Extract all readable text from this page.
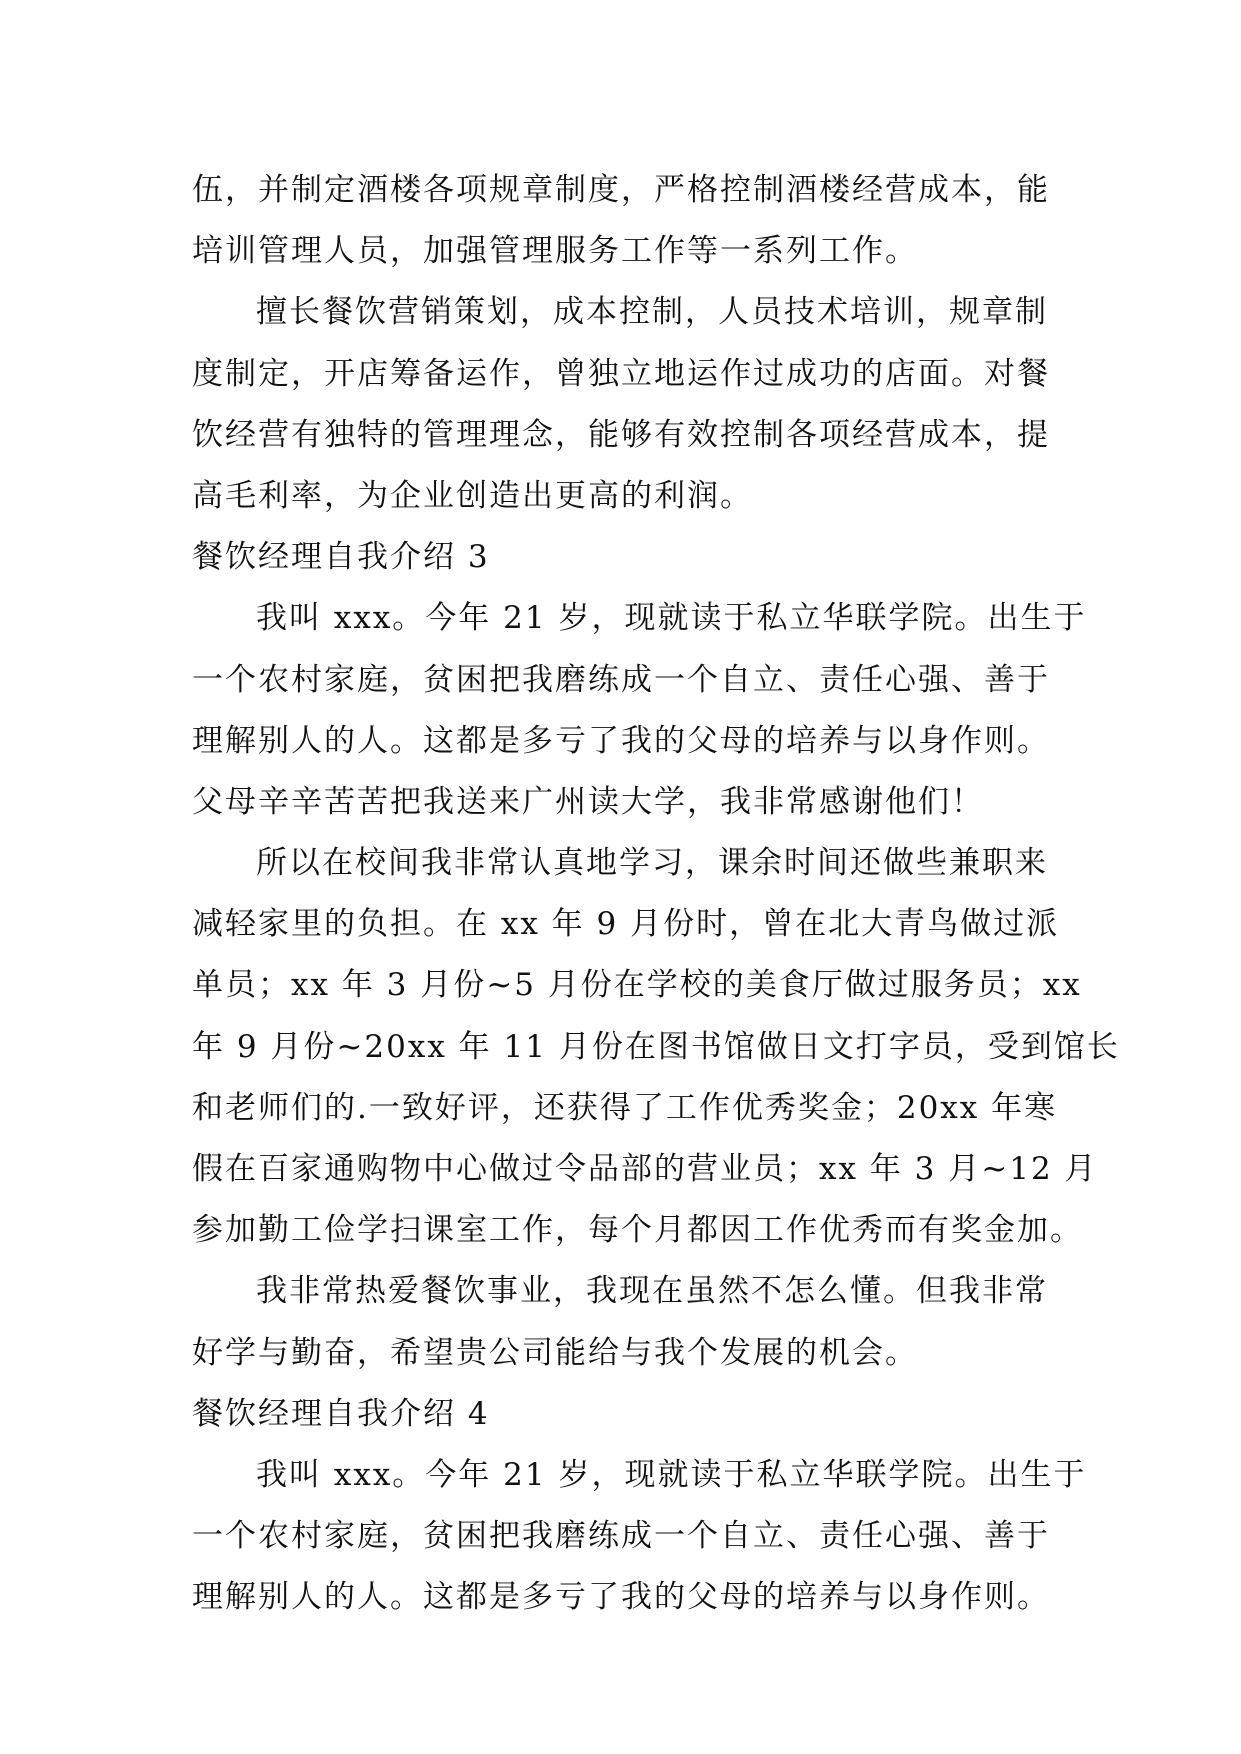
伍，并制定酒楼各项规章制度，严格控制酒楼经营成本，能
培训管理人员，加强管理服务工作等一系列工作。
擅长餐饮营销策划，成本控制，人员技术培训，规章制
度制定，开店筹备运作，曾独立地运作过成功的店面。对餐
饮经营有独特的管理理念，能够有效控制各项经营成本，提
高毛利率，为企业创造出更高的利润。
餐饮经理自我介绍 3
我叫 xxx。今年 21 岁，现就读于私立华联学院。出生于
一个农村家庭，贫困把我磨练成一个自立、责任心强、善于
理解别人的人。这都是多亏了我的父母的培养与以身作则。
父母辛辛苦苦把我送来广州读大学，我非常感谢他们！
所以在校间我非常认真地学习，课余时间还做些兼职来
减轻家里的负担。在 xx 年 9 月份时，曾在北大青鸟做过派
单员；xx 年 3 月份~5 月份在学校的美食厅做过服务员；xx
年 9 月份~20xx 年 11 月份在图书馆做日文打字员，受到馆长
和老师们的.一致好评，还获得了工作优秀奖金；20xx 年寒
假在百家通购物中心做过令品部的营业员；xx 年 3 月~12 月
参加勤工俭学扫课室工作，每个月都因工作优秀而有奖金加。
我非常热爱餐饮事业，我现在虽然不怎么懂。但我非常
好学与勤奋，希望贵公司能给与我个发展的机会。
餐饮经理自我介绍 4
我叫 xxx。今年 21 岁，现就读于私立华联学院。出生于
一个农村家庭，贫困把我磨练成一个自立、责任心强、善于
理解别人的人。这都是多亏了我的父母的培养与以身作则。
